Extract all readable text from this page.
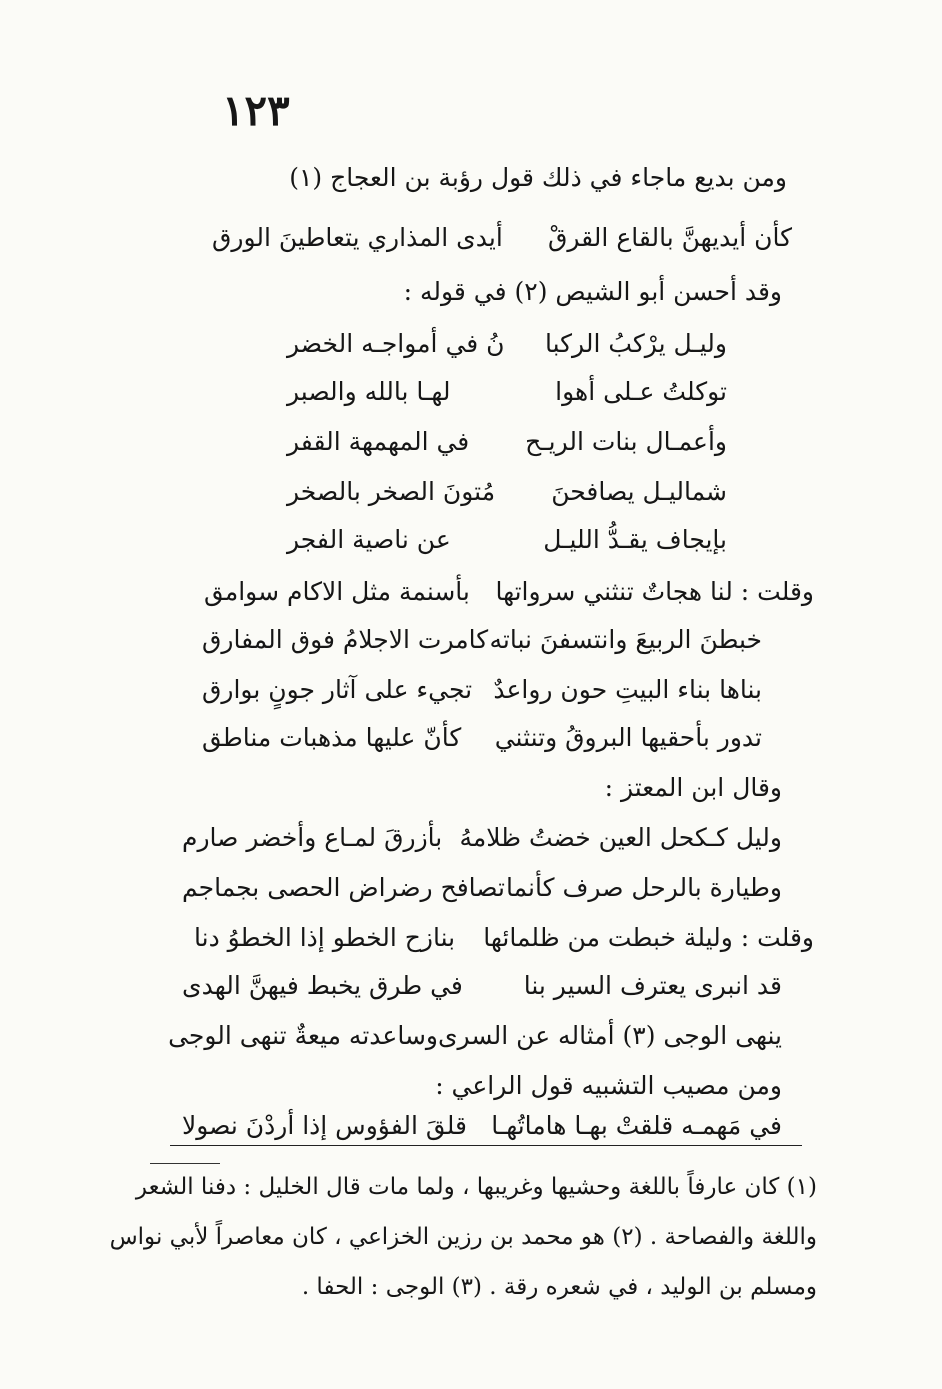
١٢٣
ومن بديع ماجاء في ذلك قول رؤبة بن العجاج (١)
كأن أيديهنَّ بالقاع القرقْ
أيدى المذاري يتعاطينَ الورق
وقد أحسن أبو الشيص (٢) في قوله :
وليـل يرْكبُ الركبا
نُ في أمواجـه الخضر
توكلتُ عـلى أهوا
لهـا بالله والصبر
وأعمـال بنات الريـح
في المهمهة القفر
شماليـل يصافحنَ
مُتونَ الصخر بالصخر
بإيجاف يقـدُّ الليـل
عن ناصية الفجر
وقلت : لنا هجاتٌ تنثني سرواتها
بأسنمة مثل الاكام سوامق
خبطنَ الربيعَ وانتسفنَ نباته
كامرت الاجلامُ فوق المفارق
بناها بناء البيتِ حون رواعدٌ
تجيء على آثار جونٍ بوارق
تدور بأحقيها البروقُ وتنثني
كأنّ عليها مذهبات مناطق
وقال ابن المعتز :
وليل كـكحل العين خضتُ ظلامهُ
بأزرقَ لمـاع وأخضر صارم
وطيارة بالرحل صرف كأنما
تصافح رضراض الحصى بجماجم
وقلت : وليلة خبطت من ظلمائها
بنازح الخطو إذا الخطوُ دنا
قد انبرى يعترف السير بنا
في طرق يخبط فيهنَّ الهدى
ينهى الوجى (٣) أمثاله عن السرى
وساعدته ميعةٌ تنهى الوجى
ومن مصيب التشبيه قول الراعي :
في مَهمـه قلقتْ بهـا هاماتُهـا
قلقَ الفؤوس إذا أردْنَ نصولا
(١) كان عارفاً باللغة وحشيها وغريبها ، ولما مات قال الخليل : دفنا الشعر
واللغة والفصاحة . (٢) هو محمد بن رزين الخزاعي ، كان معاصراً لأبي نواس
ومسلم بن الوليد ، في شعره رقة . (٣) الوجى : الحفا .
